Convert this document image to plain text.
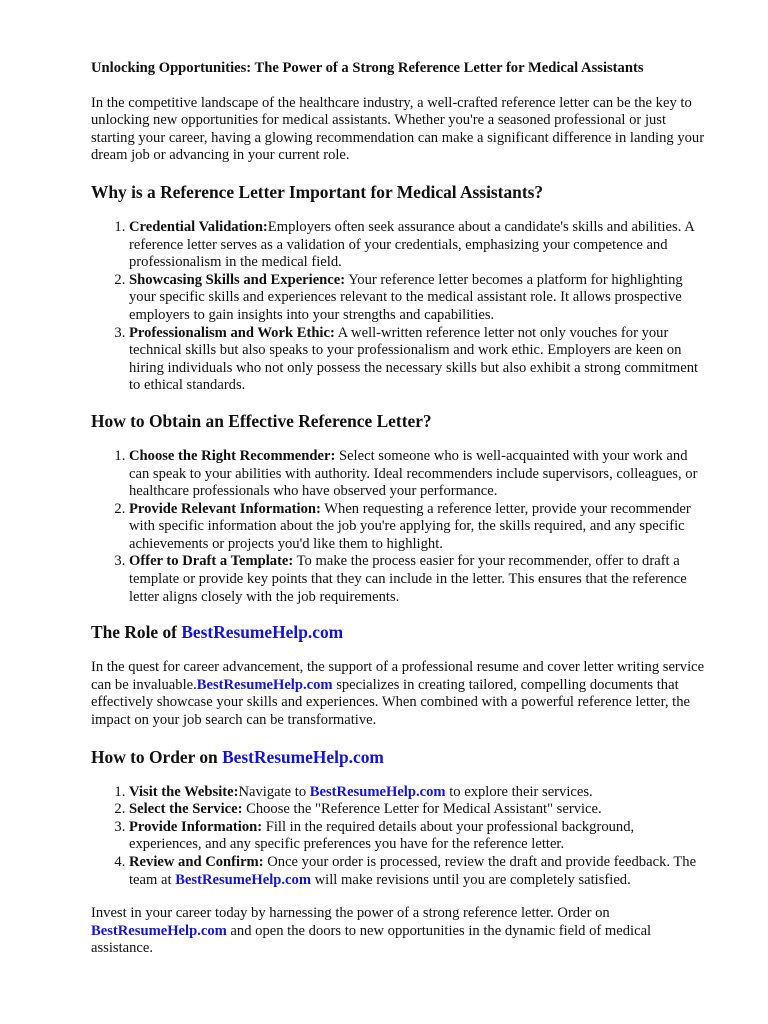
Unlocking Opportunities: The Power of a Strong Reference Letter for Medical Assistants

In the competitive landscape of the healthcare industry, a well-crafted reference letter can be the key to unlocking new opportunities for medical assistants. Whether you're a seasoned professional or just starting your career, having a glowing recommendation can make a significant difference in landing your dream job or advancing in your current role.

Why is a Reference Letter Important for Medical Assistants?
1. Credential Validation:Employers often seek assurance about a candidate's skills and abilities. A reference letter serves as a validation of your credentials, emphasizing your competence and professionalism in the medical field.
2. Showcasing Skills and Experience: Your reference letter becomes a platform for highlighting your specific skills and experiences relevant to the medical assistant role. It allows prospective employers to gain insights into your strengths and capabilities.
3. Professionalism and Work Ethic: A well-written reference letter not only vouches for your technical skills but also speaks to your professionalism and work ethic. Employers are keen on hiring individuals who not only possess the necessary skills but also exhibit a strong commitment to ethical standards.
How to Obtain an Effective Reference Letter?
1. Choose the Right Recommender: Select someone who is well-acquainted with your work and can speak to your abilities with authority. Ideal recommenders include supervisors, colleagues, or healthcare professionals who have observed your performance.
2. Provide Relevant Information: When requesting a reference letter, provide your recommender with specific information about the job you're applying for, the skills required, and any specific achievements or projects you'd like them to highlight.
3. Offer to Draft a Template: To make the process easier for your recommender, offer to draft a template or provide key points that they can include in the letter. This ensures that the reference letter aligns closely with the job requirements.
The Role of BestResumeHelp.com

In the quest for career advancement, the support of a professional resume and cover letter writing service can be invaluable.BestResumeHelp.com specializes in creating tailored, compelling documents that effectively showcase your skills and experiences. When combined with a powerful reference letter, the impact on your job search can be transformative.

How to Order on BestResumeHelp.com
1. Visit the Website:Navigate to BestResumeHelp.com to explore their services.
2. Select the Service: Choose the "Reference Letter for Medical Assistant" service.
3. Provide Information: Fill in the required details about your professional background, experiences, and any specific preferences you have for the reference letter.
4. Review and Confirm: Once your order is processed, review the draft and provide feedback. The team at BestResumeHelp.com will make revisions until you are completely satisfied.

Invest in your career today by harnessing the power of a strong reference letter. Order on BestResumeHelp.com and open the doors to new opportunities in the dynamic field of medical assistance.
